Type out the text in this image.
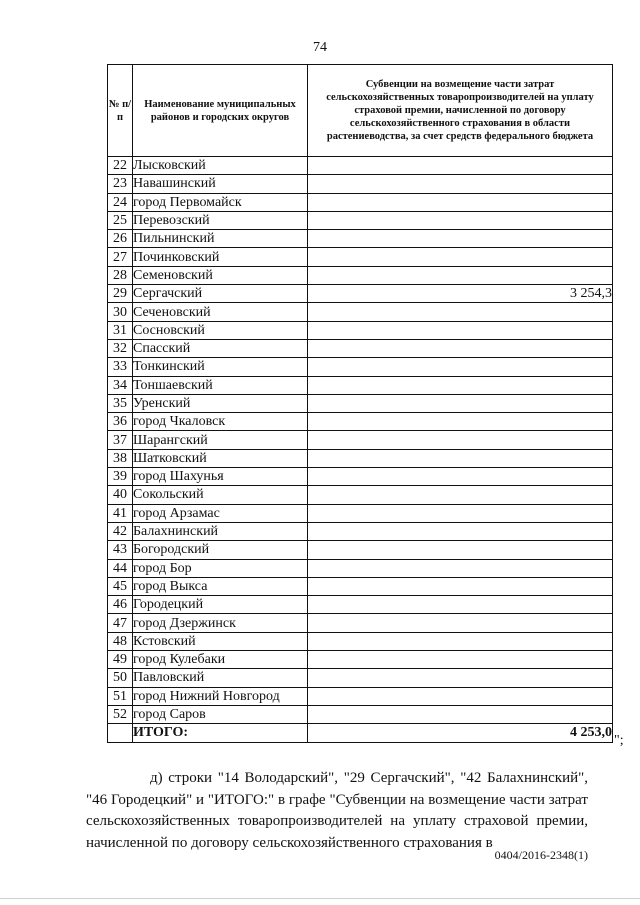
74
№ п/п	Наименование муниципальных районов и городских округов	Субвенции на возмещение части затрат сельскохозяйственных товаропроизводителей на уплату страховой премии, начисленной по договору сельскохозяйственного страхования в области растениеводства, за счет средств федерального бюджета
22	Лысковский	
23	Навашинский	
24	город Первомайск	
25	Перевозский	
26	Пильнинский	
27	Починковский	
28	Семеновский	
29	Сергачский	3 254,3
30	Сеченовский	
31	Сосновский	
32	Спасский	
33	Тонкинский	
34	Тоншаевский	
35	Уренский	
36	город Чкаловск	
37	Шарангский	
38	Шатковский	
39	город Шахунья	
40	Сокольский	
41	город Арзамас	
42	Балахнинский	
43	Богородский	
44	город Бор	
45	город Выкса	
46	Городецкий	
47	город Дзержинск	
48	Кстовский	
49	город Кулебаки	
50	Павловский	
51	город Нижний Новгород	
52	город Саров	
	ИТОГО:	4 253,0
";

д) строки "14 Володарский", "29 Сергачский", "42 Балахнинский", "46 Городецкий" и "ИТОГО:" в графе "Субвенции на возмещение части затрат сельскохозяйственных товаропроизводителей на уплату страховой премии, начисленной по договору сельскохозяйственного страхования в

0404/2016-2348(1)
